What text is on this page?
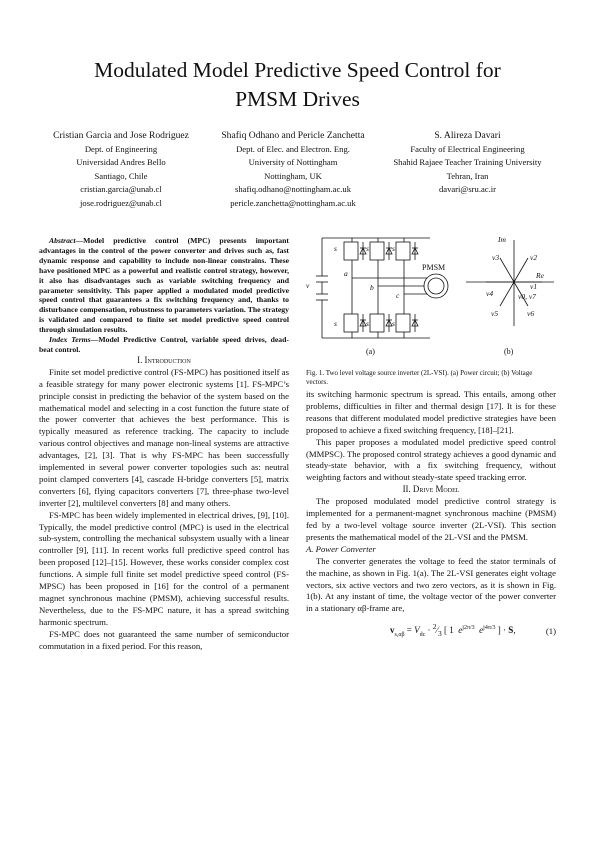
Modulated Model Predictive Speed Control for
PMSM Drives
Cristian Garcia and Jose Rodriguez
Dept. of Engineering
Universidad Andres Bello
Santiago, Chile
cristian.garcia@unab.cl
jose.rodriguez@unab.cl
Shafiq Odhano and Pericle Zanchetta
Dept. of Elec. and Electron. Eng.
University of Nottingham
Nottingham, UK
shafiq.odhano@nottingham.ac.uk
pericle.zanchetta@nottingham.ac.uk
S. Alireza Davari
Faculty of Electrical Engineering
Shahid Rajaee Teacher Training University
Tehran, Iran
davari@sru.ac.ir

Abstract—Model predictive control (MPC) presents important advantages in the control of the power converter and drives such as, fast dynamic response and capability to include non-linear constrains. These have positioned MPC as a powerful and realistic control strategy, however, it also has disadvantages such as variable switching frequency and parameter sensitivity. This paper applied a modulated model predictive speed control that guarantees a fix switching frequency and, thanks to disturbance compensation, robustness to parameters variation. The strategy is validated and compared to finite set model predictive speed control through simulation results.

Index Terms—Model Predictive Control, variable speed drives, dead-beat control.

I. Introduction

Finite set model predictive control (FS-MPC) has positioned itself as a feasible strategy for many power electronic systems [1]. FS-MPC’s principle consist in predicting the behavior of the system based on the mathematical model and selecting in a cost function the future state of the power converter that achieves the best performance. This is typically measured as reference tracking. The capacity to include various control objectives and manage non-lineal systems are attractive advantages, [2], [3]. That is why FS-MPC has been successfully implemented in several power converter topologies such as: neutral point clamped converters [4], cascade H-bridge converters [5], matrix converters [6], flying capacitors converters [7], three-phase two-level inverter [2], multilevel converters [8] and many others.

FS-MPC has been widely implemented in electrical drives, [9], [10]. Typically, the model predictive control (MPC) is used in the electrical sub-system, controlling the mechanical subsystem usually with a linear controller [9], [11]. In recent works full predictive speed control has been proposed [12]–[15]. However, these works consider complex cost functions. A simple full finite set model predictive speed control (FS-MPSC) has been proposed in [16] for the control of a permanent magnet synchronous machine (PMSM), achieving successful results. Nevertheless, due to the FS-MPC nature, it has a spread switching harmonic spectrum.

FS-MPC does not guaranteed the same number of semiconductor commutation in a fixed period. For this reason,

v
s	s	s
s	s	s
a
b
c
Im
Re
v3	v2
v1
v4	v0, v7
v5	v6
PMSM
(a)	(b)
Fig. 1. Two level voltage source inverter (2L-VSI). (a) Power circuit; (b) Voltage vectors.

its switching harmonic spectrum is spread. This entails, among other problems, difficulties in filter and thermal design [17]. It is for these reasons that different modulated model predictive strategies have been proposed to achieve a fixed switching frequency, [18]–[21].

This paper proposes a modulated model predictive speed control (MMPSC). The proposed control strategy achieves a good dynamic and steady-state behavior, with a fix switching frequency, without weighting factors and without steady-state speed tracking error.

II. Drive Model

The proposed modulated model predictive control strategy is implemented for a permanent-magnet synchronous machine (PMSM) fed by a two-level voltage source inverter (2L-VSI). This section presents the mathematical model of the 2L-VSI and the PMSM.

A. Power Converter

The converter generates the voltage to feed the stator terminals of the machine, as shown in Fig. 1(a). The 2L-VSI generates eight voltage vectors, six active vectors and two zero vectors, as it is shown in Fig. 1(b). At any instant of time, the voltage vector of the power converter in a stationary αβ-frame are,

$v_{s,\alpha\beta} = V_{dc}$ · $^2⁄_3$ [ 1  $e^{j2\pi/3}$ $e^{j4\pi/3}$ ] · S,	(1)
